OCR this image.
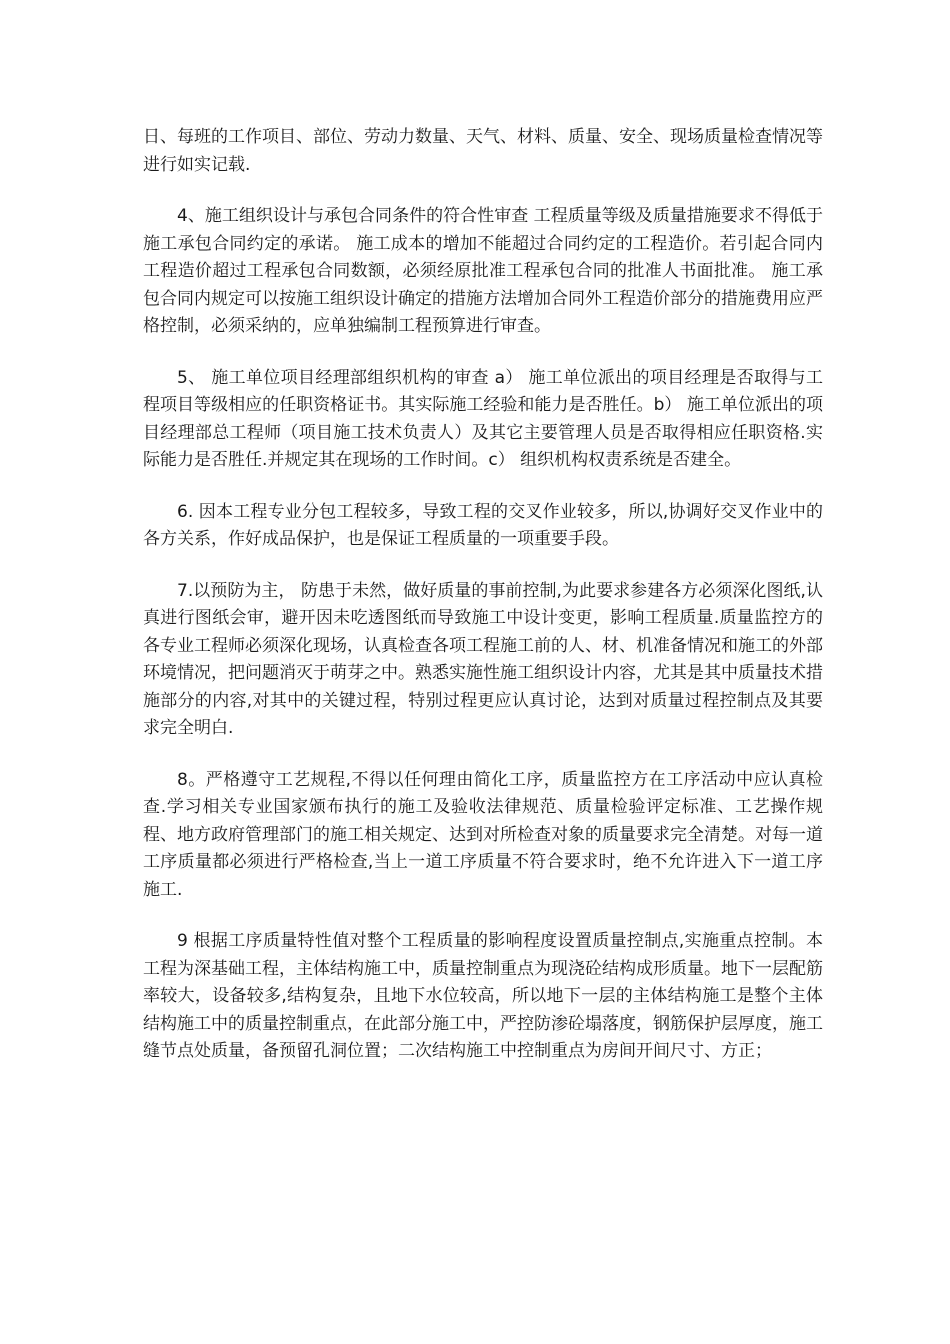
日、每班的工作项目、部位、劳动力数量、天气、材料、质量、安全、现场质量检查情况等进行如实记载.

4、施工组织设计与承包合同条件的符合性审查 工程质量等级及质量措施要求不得低于施工承包合同约定的承诺。 施工成本的增加不能超过合同约定的工程造价。若引起合同内工程造价超过工程承包合同数额，必须经原批准工程承包合同的批准人书面批准。 施工承包合同内规定可以按施工组织设计确定的措施方法增加合同外工程造价部分的措施费用应严格控制，必须采纳的，应单独编制工程预算进行审查。

5、 施工单位项目经理部组织机构的审查 a） 施工单位派出的项目经理是否取得与工程项目等级相应的任职资格证书。其实际施工经验和能力是否胜任。b） 施工单位派出的项目经理部总工程师（项目施工技术负责人）及其它主要管理人员是否取得相应任职资格.实际能力是否胜任.并规定其在现场的工作时间。c） 组织机构权责系统是否建全。

6. 因本工程专业分包工程较多，导致工程的交叉作业较多，所以,协调好交叉作业中的各方关系，作好成品保护，也是保证工程质量的一项重要手段。

7.以预防为主， 防患于未然，做好质量的事前控制,为此要求参建各方必须深化图纸,认真进行图纸会审，避开因未吃透图纸而导致施工中设计变更，影响工程质量.质量监控方的各专业工程师必须深化现场，认真检查各项工程施工前的人、材、机准备情况和施工的外部环境情况，把问题消灭于萌芽之中。熟悉实施性施工组织设计内容，尤其是其中质量技术措施部分的内容,对其中的关键过程，特别过程更应认真讨论，达到对质量过程控制点及其要求完全明白.

8。严格遵守工艺规程,不得以任何理由简化工序，质量监控方在工序活动中应认真检查.学习相关专业国家颁布执行的施工及验收法律规范、质量检验评定标准、工艺操作规程、地方政府管理部门的施工相关规定、达到对所检查对象的质量要求完全清楚。对每一道工序质量都必须进行严格检查,当上一道工序质量不符合要求时，绝不允许进入下一道工序施工.

9 根据工序质量特性值对整个工程质量的影响程度设置质量控制点,实施重点控制。本工程为深基础工程，主体结构施工中，质量控制重点为现浇砼结构成形质量。地下一层配筋率较大，设备较多,结构复杂，且地下水位较高，所以地下一层的主体结构施工是整个主体结构施工中的质量控制重点，在此部分施工中，严控防渗砼塌落度，钢筋保护层厚度，施工缝节点处质量，备预留孔洞位置；二次结构施工中控制重点为房间开间尺寸、方正；
